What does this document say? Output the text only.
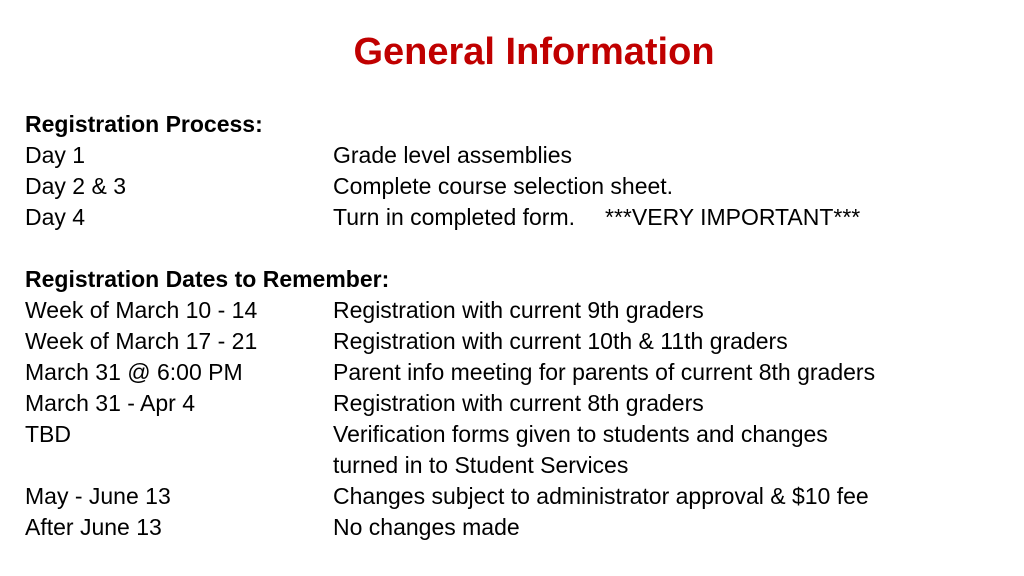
General Information
Registration Process:
Day 1	Grade level assemblies
Day 2 & 3	Complete course selection sheet.
Day 4	Turn in completed form. ***VERY IMPORTANT***
Registration Dates to Remember:
Week of March 10 - 14	Registration with current 9th graders
Week of March 17 - 21	Registration with current 10th & 11th graders
March 31 @ 6:00 PM	Parent info meeting for parents of current 8th graders
March 31 - Apr 4	Registration with current 8th graders
TBD	Verification forms given to students and changes
turned in to Student Services
May - June 13	Changes subject to administrator approval & $10 fee
After June 13	No changes made
